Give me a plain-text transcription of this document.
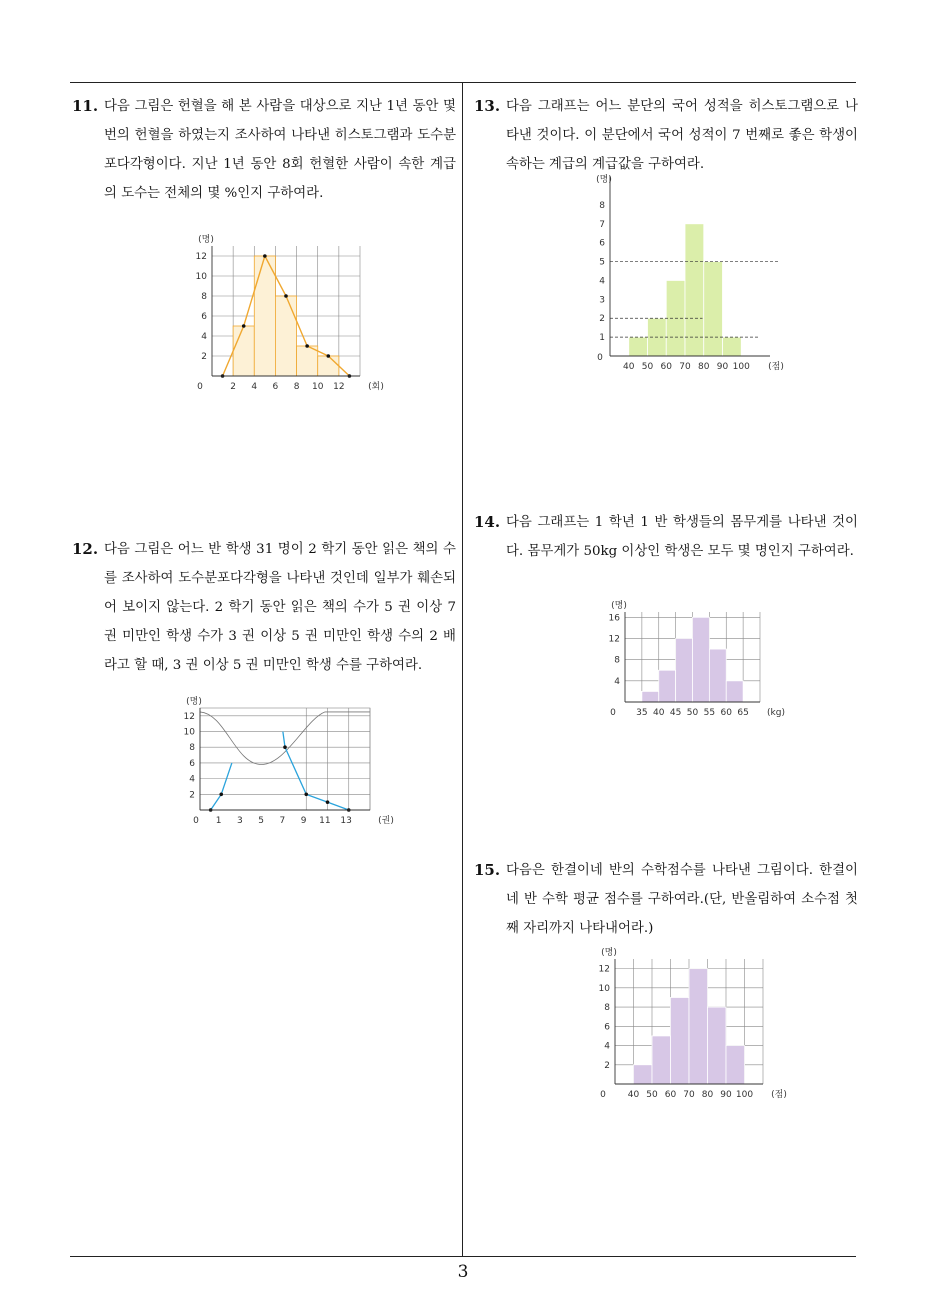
11. 다음 그림은 헌혈을 해 본 사람을 대상으로 지난 1년 동안 몇 번의 헌혈을 하였는지 조사하여 나타낸 히스토그램과 도수분포다각형이다. 지난 1년 동안 8회 헌혈한 사람이 속한 계급의 도수는 전체의 몇 %인지 구하여라.
12. 다음 그림은 어느 반 학생 31 명이 2 학기 동안 읽은 책의 수를 조사하여 도수분포다각형을 나타낸 것인데 일부가 훼손되어 보이지 않는다. 2 학기 동안 읽은 책의 수가 5 권 이상 7 권 미만인 학생 수가 3 권 이상 5 권 미만인 학생 수의 2 배라고 할 때, 3 권 이상 5 권 미만인 학생 수를 구하여라.
13. 다음 그래프는 어느 분단의 국어 성적을 히스토그램으로 나타낸 것이다. 이 분단에서 국어 성적이 7 번째로 좋은 학생이 속하는 계급의 계급값을 구하여라.
14. 다음 그래프는 1 학년 1 반 학생들의 몸무게를 나타낸 것이다. 몸무게가 50kg 이상인 학생은 모두 몇 명인지 구하여라.
15. 다음은 한결이네 반의 수학점수를 나타낸 그림이다. 한결이네 반 수학 평균 점수를 구하여라.(단, 반올림하여 소수점 첫째 자리까지 나타내어라.)
2
4
6
8
10
12
0	2 4 6 8 10 12
(명)
(회)
2
4
6
8
10
12
0 1 3 5 7 9 11 13
(명)
(권)
1
2
3
4
5
6
7
8
40 50 60 70 80 90 100
(명)
(점)
0
4
8
12
16
0 35 40 45 50 55 60 65
(명)
(kg)
2
4
6
8
10
12
0 40 50 60 70 80 90 100
(명)
(점)
3
